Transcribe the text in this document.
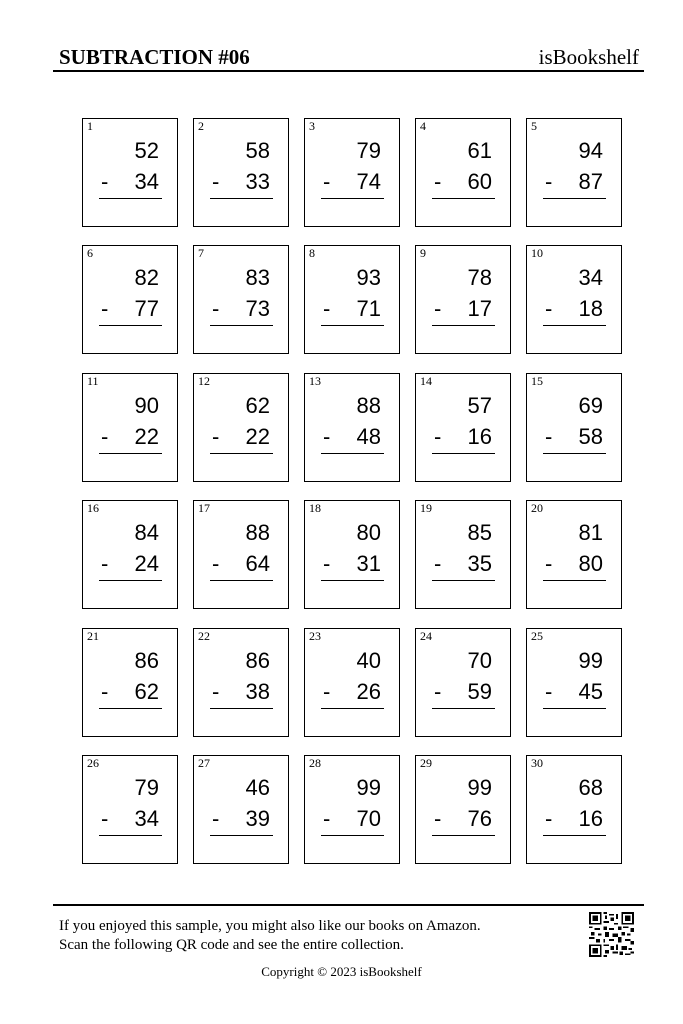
SUBTRACTION #06	isBookshelf
1
52
- 34
2
58
- 33
3
79
- 74
4
61
- 60
5
94
- 87
6
82
- 77
7
83
- 73
8
93
- 71
9
78
- 17
10
34
- 18
11
90
- 22
12
62
- 22
13
88
- 48
14
57
- 16
15
69
- 58
16
84
- 24
17
88
- 64
18
80
- 31
19
85
- 35
20
81
- 80
21
86
- 62
22
86
- 38
23
40
- 26
24
70
- 59
25
99
- 45
26
79
- 34
27
46
- 39
28
99
- 70
29
99
- 76
30
68
- 16
If you enjoyed this sample, you might also like our books on Amazon.
Scan the following QR code and see the entire collection.
Copyright © 2023 isBookshelf
